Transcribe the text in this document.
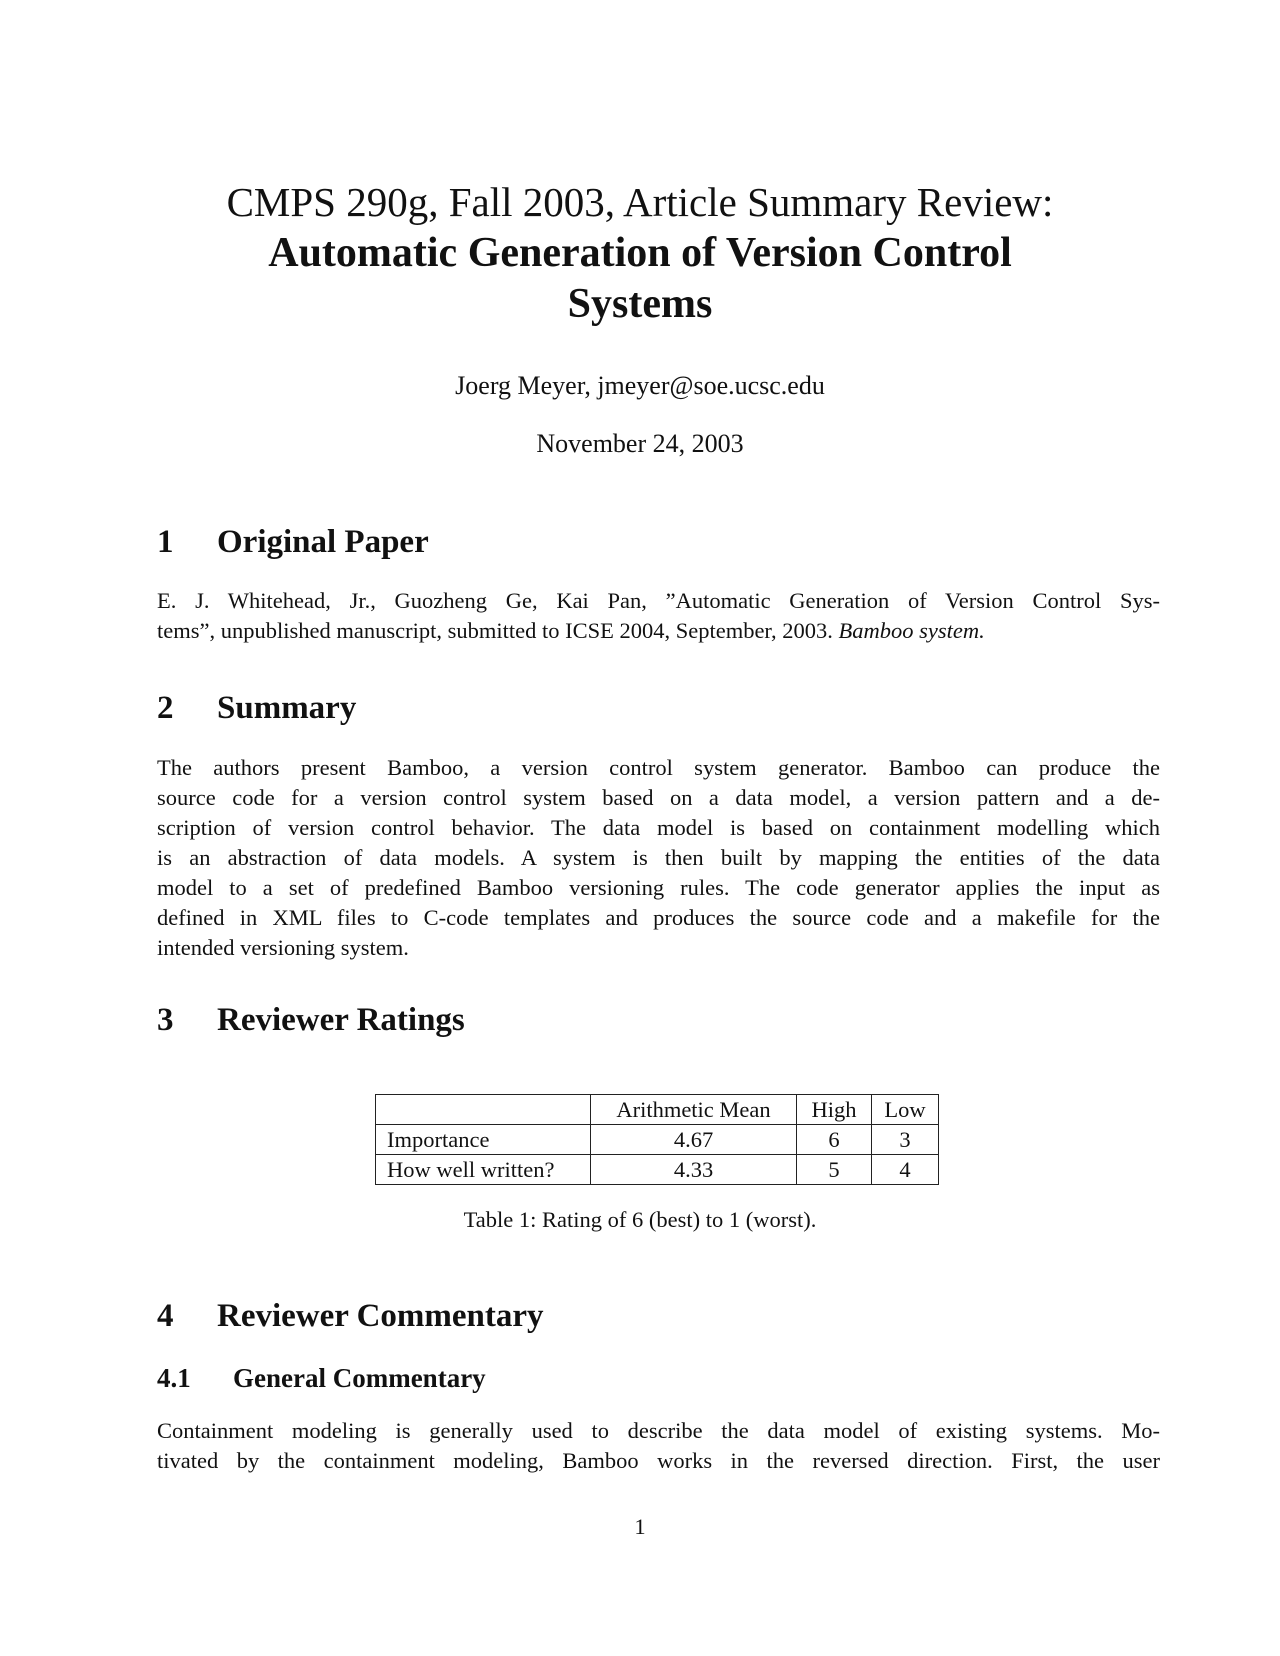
CMPS 290g, Fall 2003, Article Summary Review:
Automatic Generation of Version Control
Systems
Joerg Meyer, jmeyer@soe.ucsc.edu
November 24, 2003
1 Original Paper
E. J. Whitehead, Jr., Guozheng Ge, Kai Pan, ”Automatic Generation of Version Control Sys-
tems”, unpublished manuscript, submitted to ICSE 2004, September, 2003. Bamboo system.
2 Summary
The authors present Bamboo, a version control system generator. Bamboo can produce the
source code for a version control system based on a data model, a version pattern and a de-
scription of version control behavior. The data model is based on containment modelling which
is an abstraction of data models. A system is then built by mapping the entities of the data
model to a set of predefined Bamboo versioning rules. The code generator applies the input as
defined in XML files to C-code templates and produces the source code and a makefile for the
intended versioning system.
3 Reviewer Ratings
	Arithmetic Mean	High	Low
Importance	4.67	6	3
How well written?	4.33	5	4
Table 1: Rating of 6 (best) to 1 (worst).
4 Reviewer Commentary
4.1 General Commentary
Containment modeling is generally used to describe the data model of existing systems. Mo-
tivated by the containment modeling, Bamboo works in the reversed direction. First, the user
1
